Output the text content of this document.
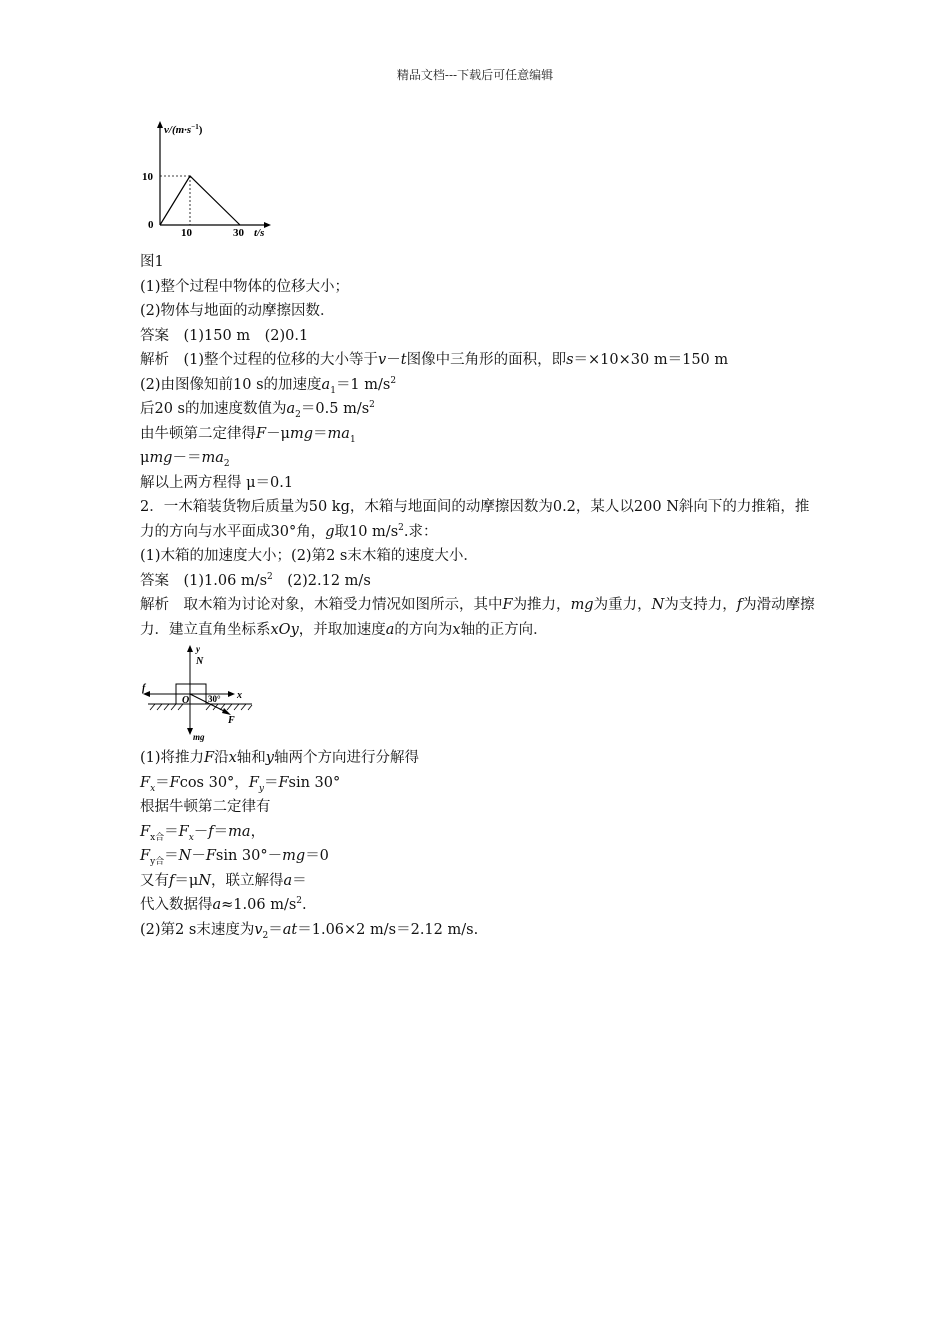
精品文档---下载后可任意编辑
$v/(m\cdot s^{-1})$
t/s
10
0
10	30
图1
(1)整个过程中物体的位移大小；
(2)物体与地面的动摩擦因数．
答案　(1)150 m　(2)0.1
解析　(1)整个过程的位移的大小等于v－t图像中三角形的面积，即s＝×10×30 m＝150 m
(2)由图像知前10 s的加速度$a_1=1$ $m/s^2$
后20 s的加速度数值为$a_2=0.5$ $m/s^2$
由牛顿第二定律得$F-\mu mg=ma_1$
$\mu mg-=ma_2$
解以上两方程得 μ＝0.1
2．一木箱装货物后质量为50 kg，木箱与地面间的动摩擦因数为0.2，某人以200 N斜向下的力推箱，推力的方向与水平面成30°角，g取10 $m/s^2$.求：
(1)木箱的加速度大小；(2)第2 s末木箱的速度大小．
答案　(1)1.06 $m/s^2$　(2)2.12 m/s
解析　取木箱为讨论对象，木箱受力情况如图所示，其中F为推力，mg为重力，N为支持力，f为滑动摩擦力．建立直角坐标系xOy，并取加速度a的方向为x轴的正方向．
y
N
f
x
O 30°
F
mg
(1)将推力F沿x轴和y轴两个方向进行分解得
$F_x=Fcos$ 30°，$F_y=Fsin$ 30°
根据牛顿第二定律有
$F_{x合}=F_x-f=ma$，
$F_{y合}=N-Fsin$ 30°－mg＝0
又有f＝μN，联立解得a＝
代入数据得a≈1.06 $m/s^2$.
(2)第2 s末速度为$v_2=at=1.06\times 2$ m/s＝2.12 m/s.
